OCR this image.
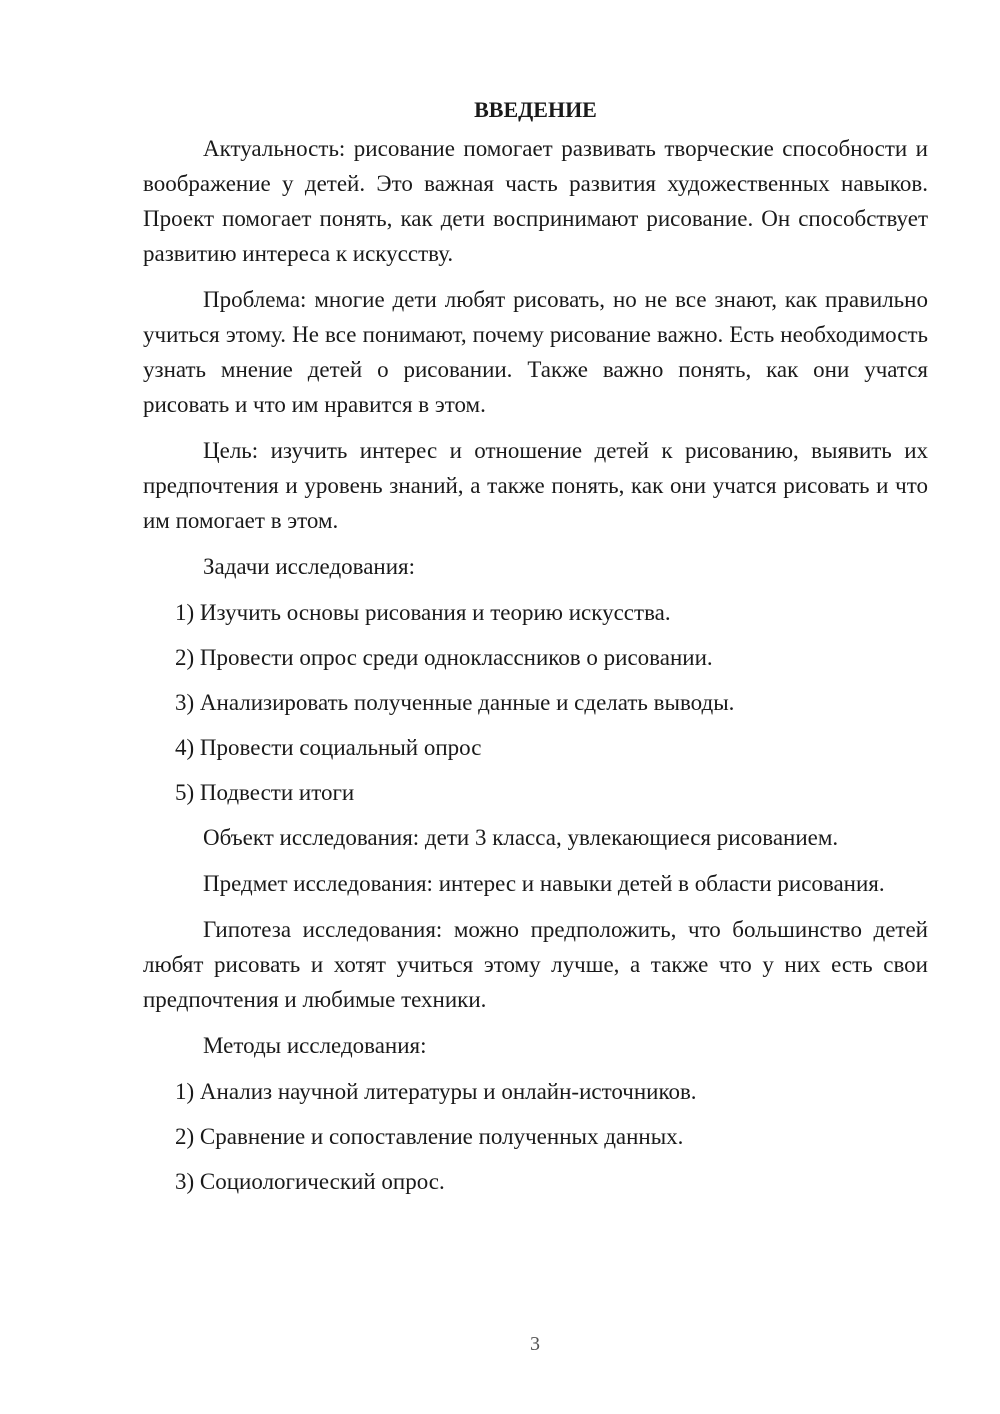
ВВЕДЕНИЕ

Актуальность: рисование помогает развивать творческие способности и воображение у детей. Это важная часть развития художественных навыков. Проект помогает понять, как дети воспринимают рисование. Он способствует развитию интереса к искусству.

Проблема: многие дети любят рисовать, но не все знают, как правильно учиться этому. Не все понимают, почему рисование важно. Есть необходимость узнать мнение детей о рисовании. Также важно понять, как они учатся рисовать и что им нравится в этом.

Цель: изучить интерес и отношение детей к рисованию, выявить их предпочтения и уровень знаний, а также понять, как они учатся рисовать и что им помогает в этом.

Задачи исследования:

1) Изучить основы рисования и теорию искусства.

2) Провести опрос среди одноклассников о рисовании.

3) Анализировать полученные данные и сделать выводы.

4) Провести социальный опрос

5) Подвести итоги

Объект исследования: дети 3 класса, увлекающиеся рисованием.

Предмет исследования: интерес и навыки детей в области рисования.

Гипотеза исследования: можно предположить, что большинство детей любят рисовать и хотят учиться этому лучше, а также что у них есть свои предпочтения и любимые техники.

Методы исследования:

1) Анализ научной литературы и онлайн-источников.

2) Сравнение и сопоставление полученных данных.

3) Социологический опрос.

3
